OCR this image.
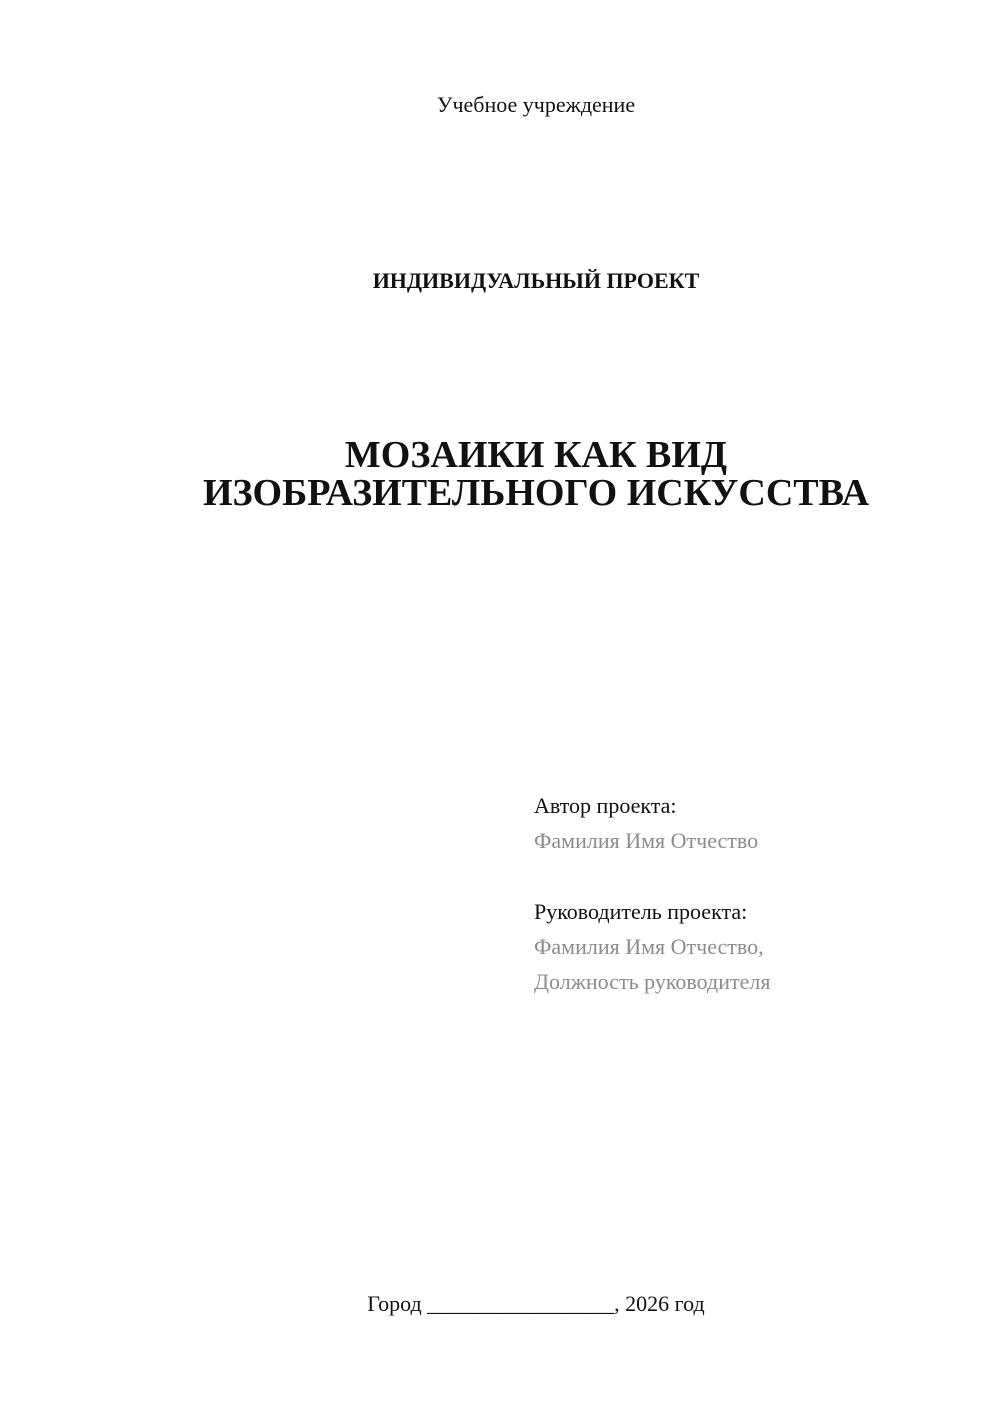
Учебное учреждение
ИНДИВИДУАЛЬНЫЙ ПРОЕКТ
МОЗАИКИ КАК ВИД
ИЗОБРАЗИТЕЛЬНОГО ИСКУССТВА
Автор проекта:
Фамилия Имя Отчество
Руководитель проекта:
Фамилия Имя Отчество,
Должность руководителя
Город _________________, 2026 год
